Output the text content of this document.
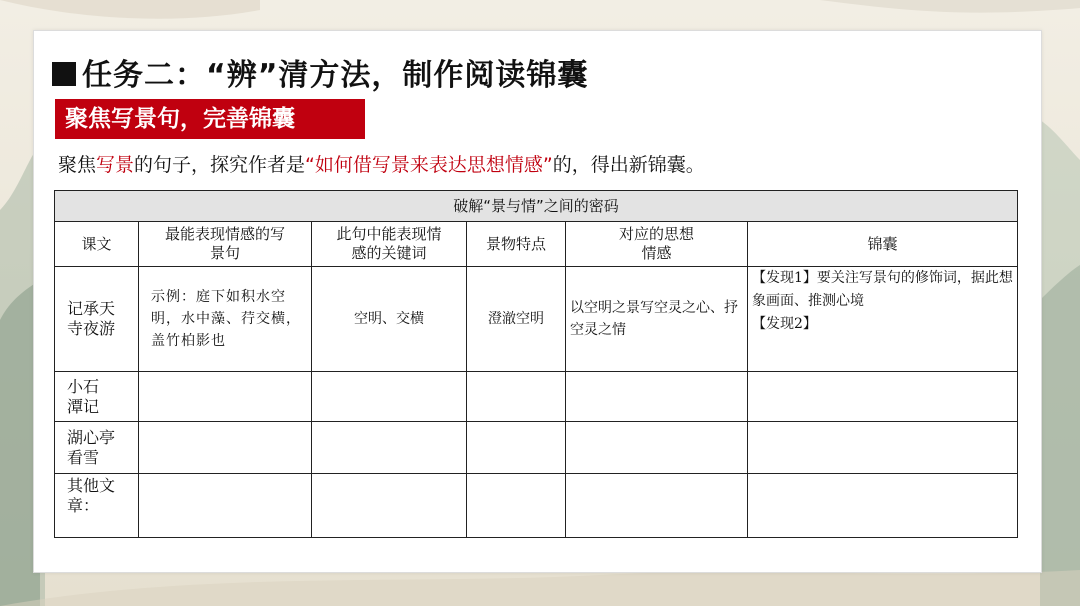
任务二：“辨”清方法，制作阅读锦囊
聚焦写景句，完善锦囊
聚焦写景的句子，探究作者是“如何借写景来表达思想情感”的，得出新锦囊。
破解“景与情”之间的密码					
课文	最能表现情感的写景句	此句中能表现情感的关键词	景物特点	对应的思想情感	锦囊
记承天寺夜游	示例：庭下如积水空明，水中藻、荇交横，盖竹柏影也	空明、交横	澄澈空明	以空明之景写空灵之心、抒空灵之情	【发现1】要关注写景句的修饰词，据此想象画面、推测心境
【发现2】

小石潭记					
湖心亭看雪					
其他文章：					
